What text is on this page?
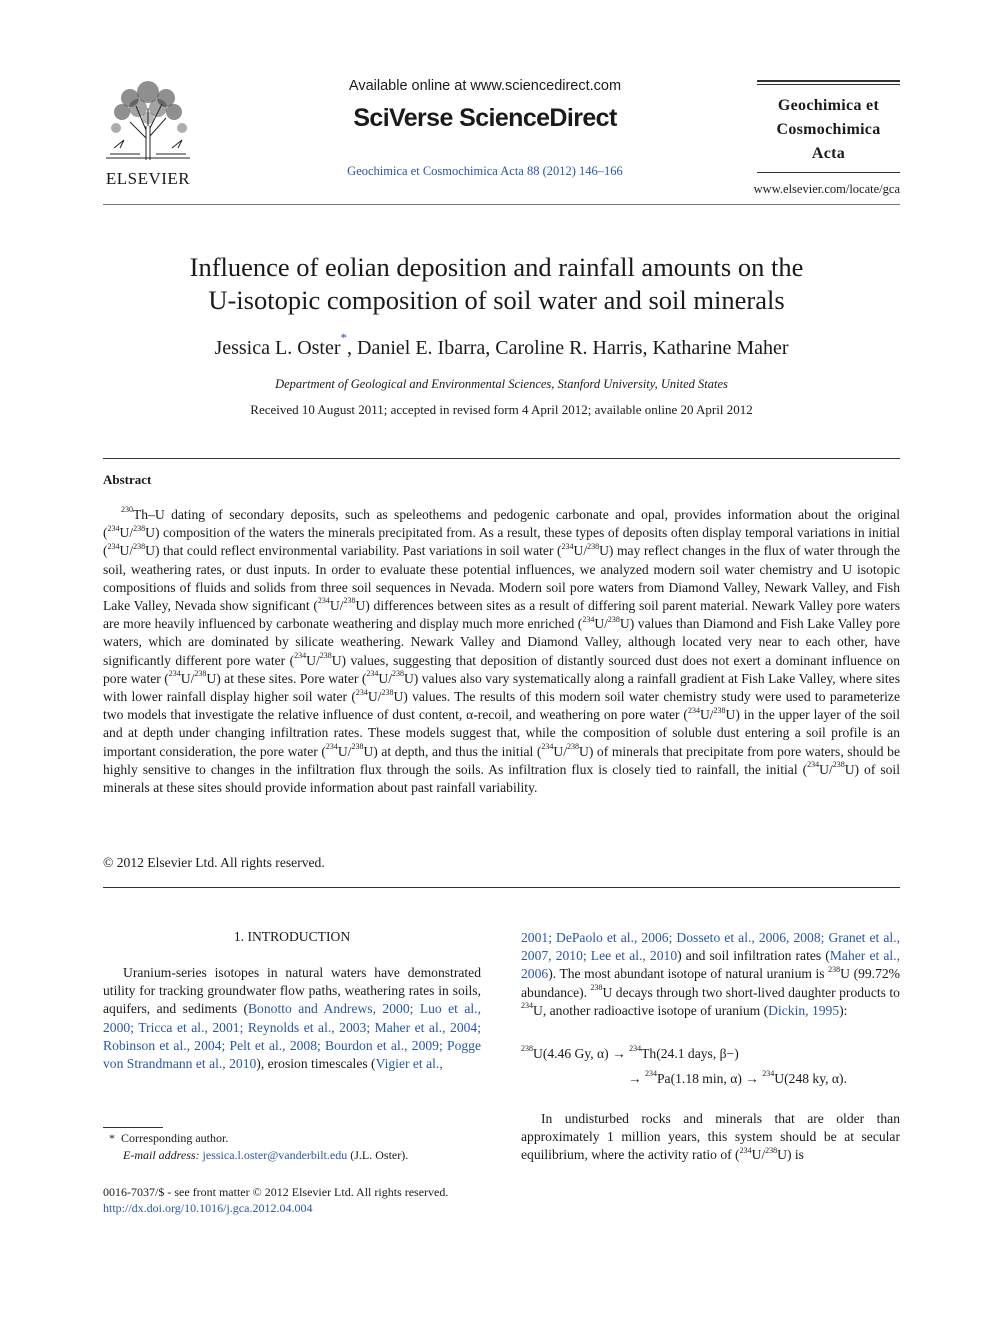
ELSEVIER
Available online at www.sciencedirect.com
SciVerse ScienceDirect
Geochimica et Cosmochimica Acta 88 (2012) 146–166
Geochimica et
Cosmochimica
Acta
www.elsevier.com/locate/gca
Influence of eolian deposition and rainfall amounts on the
U-isotopic composition of soil water and soil minerals
Jessica L. Oster*, Daniel E. Ibarra, Caroline R. Harris, Katharine Maher
Department of Geological and Environmental Sciences, Stanford University, United States
Received 10 August 2011; accepted in revised form 4 April 2012; available online 20 April 2012
Abstract

$^{230}$Th–U dating of secondary deposits, such as speleothems and pedogenic carbonate and opal, provides information about the original ($^{234}$U/$^{238}$U) composition of the waters the minerals precipitated from. As a result, these types of deposits often display temporal variations in initial ($^{234}$U/$^{238}$U) that could reflect environmental variability. Past variations in soil water ($^{234}$U/$^{238}$U) may reflect changes in the flux of water through the soil, weathering rates, or dust inputs. In order to evaluate these potential influences, we analyzed modern soil water chemistry and U isotopic compositions of fluids and solids from three soil sequences in Nevada. Modern soil pore waters from Diamond Valley, Newark Valley, and Fish Lake Valley, Nevada show significant ($^{234}$U/$^{238}$U) differences between sites as a result of differing soil parent material. Newark Valley pore waters are more heavily influenced by carbonate weathering and display much more enriched ($^{234}$U/$^{238}$U) values than Diamond and Fish Lake Valley pore waters, which are dominated by silicate weathering. Newark Valley and Diamond Valley, although located very near to each other, have significantly different pore water ($^{234}$U/$^{238}$U) values, suggesting that deposition of distantly sourced dust does not exert a dominant influence on pore water ($^{234}$U/$^{238}$U) at these sites. Pore water ($^{234}$U/$^{238}$U) values also vary systematically along a rainfall gradient at Fish Lake Valley, where sites with lower rainfall display higher soil water ($^{234}$U/$^{238}$U) values. The results of this modern soil water chemistry study were used to parameterize two models that investigate the relative influence of dust content, α-recoil, and weathering on pore water ($^{234}$U/$^{238}$U) in the upper layer of the soil and at depth under changing infiltration rates. These models suggest that, while the composition of soluble dust entering a soil profile is an important consideration, the pore water ($^{234}$U/$^{238}$U) at depth, and thus the initial ($^{234}$U/$^{238}$U) of minerals that precipitate from pore waters, should be highly sensitive to changes in the infiltration flux through the soils. As infiltration flux is closely tied to rainfall, the initial ($^{234}$U/$^{238}$U) of soil minerals at these sites should provide information about past rainfall variability.

© 2012 Elsevier Ltd. All rights reserved.
1. INTRODUCTION

Uranium-series isotopes in natural waters have demonstrated utility for tracking groundwater flow paths, weathering rates in soils, aquifers, and sediments (Bonotto and Andrews, 2000; Luo et al., 2000; Tricca et al., 2001; Reynolds et al., 2003; Maher et al., 2004; Robinson et al., 2004; Pelt et al., 2008; Bourdon et al., 2009; Pogge von Strandmann et al., 2010), erosion timescales (Vigier et al.,

* Corresponding author.
E-mail address: jessica.l.oster@vanderbilt.edu (J.L. Oster).
0016-7037/$ - see front matter © 2012 Elsevier Ltd. All rights reserved.
http://dx.doi.org/10.1016/j.gca.2012.04.004

2001; DePaolo et al., 2006; Dosseto et al., 2006, 2008; Granet et al., 2007, 2010; Lee et al., 2010) and soil infiltration rates (Maher et al., 2006). The most abundant isotope of natural uranium is $^{238}$U (99.72% abundance). $^{238}$U decays through two short-lived daughter products to $^{234}$U, another radioactive isotope of uranium (Dickin, 1995):

$^{238}$U(4.46 Gy, α) → $^{234}$Th(24.1 days, β−)
→ $^{234}$Pa(1.18 min, α) → $^{234}$U(248 ky, α).

In undisturbed rocks and minerals that are older than approximately 1 million years, this system should be at secular equilibrium, where the activity ratio of ($^{234}$U/$^{238}$U) is
